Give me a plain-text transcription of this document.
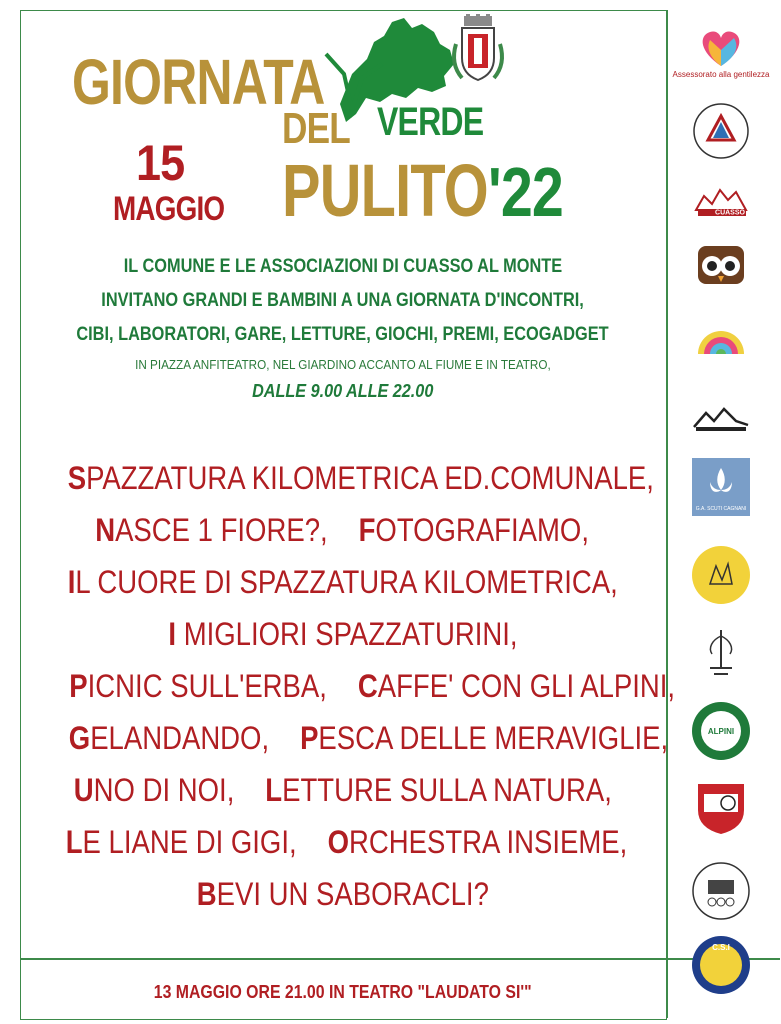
GIORNATA
DEL VERDE
PULITO '22
15
MAGGIO
IL COMUNE E LE ASSOCIAZIONI DI CUASSO AL MONTE
INVITANO GRANDI E BAMBINI A UNA GIORNATA D'INCONTRI,
CIBI, LABORATORI, GARE, LETTURE, GIOCHI, PREMI, ECOGADGET
IN PIAZZA ANFITEATRO, NEL GIARDINO ACCANTO AL FIUME E IN TEATRO,
DALLE 9.00 ALLE 22.00
SPAZZATURA KILOMETRICA ED.COMUNALE,
NASCE 1 FIORE?, FOTOGRAFIAMO,
IL CUORE DI SPAZZATURA KILOMETRICA,
I MIGLIORI SPAZZATURINI,
PICNIC SULL'ERBA, CAFFE' CON GLI ALPINI,
GELANDANDO, PESCA DELLE MERAVIGLIE,
UNO DI NOI, LETTURE SULLA NATURA,
LE LIANE DI GIGI, ORCHESTRA INSIEME,
BEVI UN SABORACLI?
13 MAGGIO ORE 21.00 IN TEATRO "LAUDATO SI'"
Assessorato alla gentilezza
CUASSO
G.A. SCUTI CAGNANI
ALPINI
C.S.I
